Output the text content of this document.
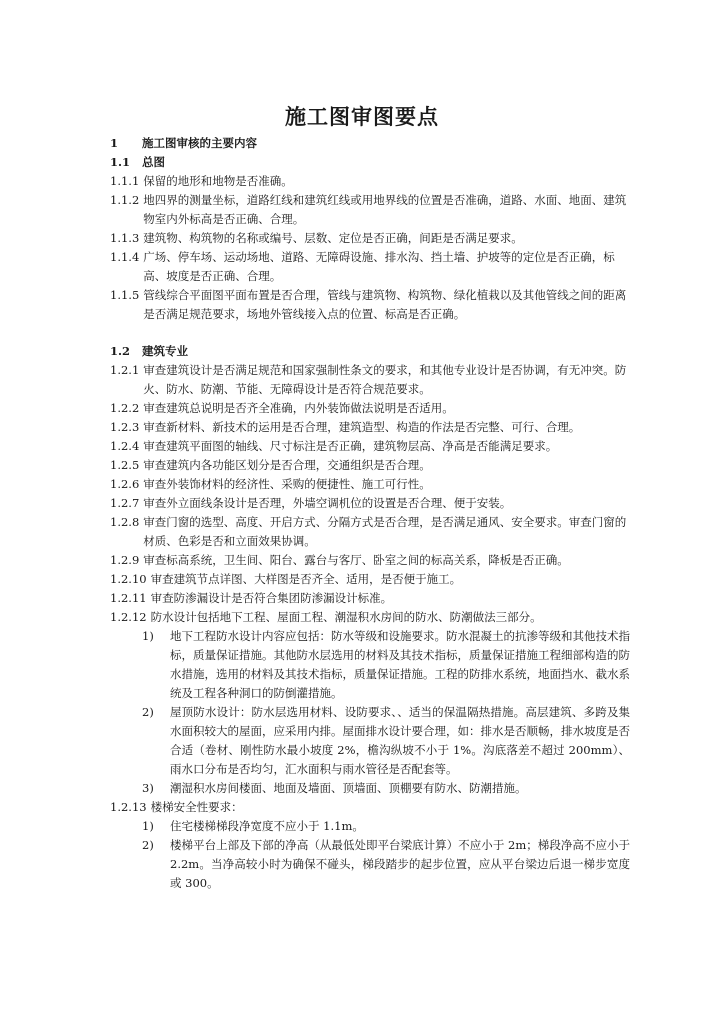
施工图审图要点
1 施工图审核的主要内容
1.1 总图
1.1.1 保留的地形和地物是否准确。
1.1.2 地四界的测量坐标，道路红线和建筑红线或用地界线的位置是否准确，道路、水面、地面、建筑物室内外标高是否正确、合理。
1.1.3 建筑物、构筑物的名称或编号、层数、定位是否正确，间距是否满足要求。
1.1.4 广场、停车场、运动场地、道路、无障碍设施、排水沟、挡土墙、护坡等的定位是否正确，标高、坡度是否正确、合理。
1.1.5 管线综合平面图平面布置是否合理，管线与建筑物、构筑物、绿化植栽以及其他管线之间的距离是否满足规范要求，场地外管线接入点的位置、标高是否正确。
1.2 建筑专业
1.2.1 审查建筑设计是否满足规范和国家强制性条文的要求，和其他专业设计是否协调，有无冲突。防火、防水、防潮、节能、无障碍设计是否符合规范要求。
1.2.2 审查建筑总说明是否齐全准确，内外装饰做法说明是否适用。
1.2.3 审查新材料、新技术的运用是否合理，建筑造型、构造的作法是否完整、可行、合理。
1.2.4 审查建筑平面图的轴线、尺寸标注是否正确，建筑物层高、净高是否能满足要求。
1.2.5 审查建筑内各功能区划分是否合理，交通组织是否合理。
1.2.6 审查外装饰材料的经济性、采购的便捷性、施工可行性。
1.2.7 审查外立面线条设计是否理，外墙空调机位的设置是否合理、便于安装。
1.2.8 审查门窗的选型、高度、开启方式、分隔方式是否合理，是否满足通风、安全要求。审查门窗的材质、色彩是否和立面效果协调。
1.2.9 审查标高系统，卫生间、阳台、露台与客厅、卧室之间的标高关系，降板是否正确。
1.2.10 审查建筑节点详图、大样图是否齐全、适用，是否便于施工。
1.2.11 审查防渗漏设计是否符合集团防渗漏设计标准。
1.2.12 防水设计包括地下工程、屋面工程、潮湿积水房间的防水、防潮做法三部分。
1)	地下工程防水设计内容应包括：防水等级和设施要求。防水混凝土的抗渗等级和其他技术指标，质量保证措施。其他防水层选用的材料及其技术指标，质量保证措施工程细部构造的防水措施，选用的材料及其技术指标，质量保证措施。工程的防排水系统，地面挡水、截水系统及工程各种洞口的防倒灌措施。
2)	屋顶防水设计：防水层选用材料、设防要求、、适当的保温隔热措施。高层建筑、多跨及集水面积较大的屋面，应采用内排。屋面排水设计要合理，如：排水是否顺畅，排水坡度是否合适（卷材、刚性防水最小坡度 2%，檐沟纵坡不小于 1%。沟底落差不超过 200mm）、雨水口分布是否均匀，汇水面积与雨水管径是否配套等。
3)	潮湿积水房间楼面、地面及墙面、顶墙面、顶棚要有防水、防潮措施。
1.2.13 楼梯安全性要求：
1)	住宅楼梯梯段净宽度不应小于 1.1m。
2)	楼梯平台上部及下部的净高（从最低处即平台梁底计算）不应小于 2m；梯段净高不应小于 2.2m。当净高较小时为确保不碰头，梯段踏步的起步位置，应从平台梁边后退一梯步宽度或 300。
